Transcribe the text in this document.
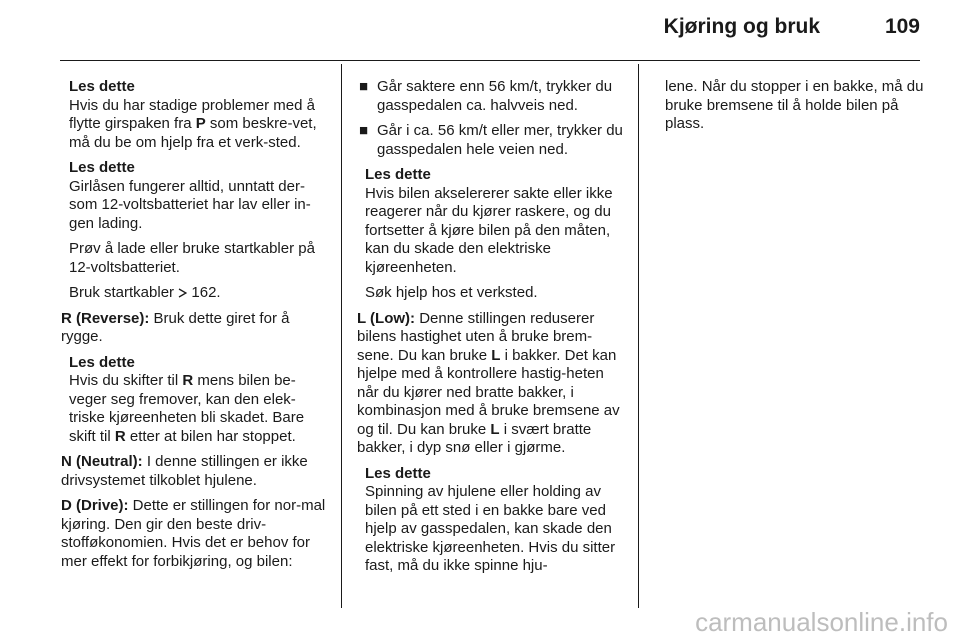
Kjøring og bruk	109

Les dette
Hvis du har stadige problemer med å flytte girspaken fra P som beskre-vet, må du be om hjelp fra et verk-sted.

Les dette
Girlåsen fungerer alltid, unntatt der-som 12-voltsbatteriet har lav eller in-gen lading.

Prøv å lade eller bruke startkabler på 12-voltsbatteriet.

Bruk startkabler  162.

R (Reverse): Bruk dette giret for å rygge.

Les dette
Hvis du skifter til R mens bilen be-veger seg fremover, kan den elek-triske kjøreenheten bli skadet. Bare skift til R etter at bilen har stoppet.

N (Neutral): I denne stillingen er ikke drivsystemet tilkoblet hjulene.

D (Drive): Dette er stillingen for nor-mal kjøring. Den gir den beste driv-stofføkonomien. Hvis det er behov for mer effekt for forbikjøring, og bilen:

■ Går saktere enn 56 km/t, trykker du gasspedalen ca. halvveis ned.

■ Går i ca. 56 km/t eller mer, trykker du gasspedalen hele veien ned.

Les dette
Hvis bilen akselererer sakte eller ikke reagerer når du kjører raskere, og du fortsetter å kjøre bilen på den måten, kan du skade den elektriske kjøreenheten.

Søk hjelp hos et verksted.

L (Low): Denne stillingen reduserer bilens hastighet uten å bruke brem-sene. Du kan bruke L i bakker. Det kan hjelpe med å kontrollere hastig-heten når du kjører ned bratte bakker, i kombinasjon med å bruke bremsene av og til. Du kan bruke L i svært bratte bakker, i dyp snø eller i gjørme.

Les dette
Spinning av hjulene eller holding av bilen på ett sted i en bakke bare ved hjelp av gasspedalen, kan skade den elektriske kjøreenheten. Hvis du sitter fast, må du ikke spinne hju-

lene. Når du stopper i en bakke, må du bruke bremsene til å holde bilen på plass.

carmanualsonline.info
